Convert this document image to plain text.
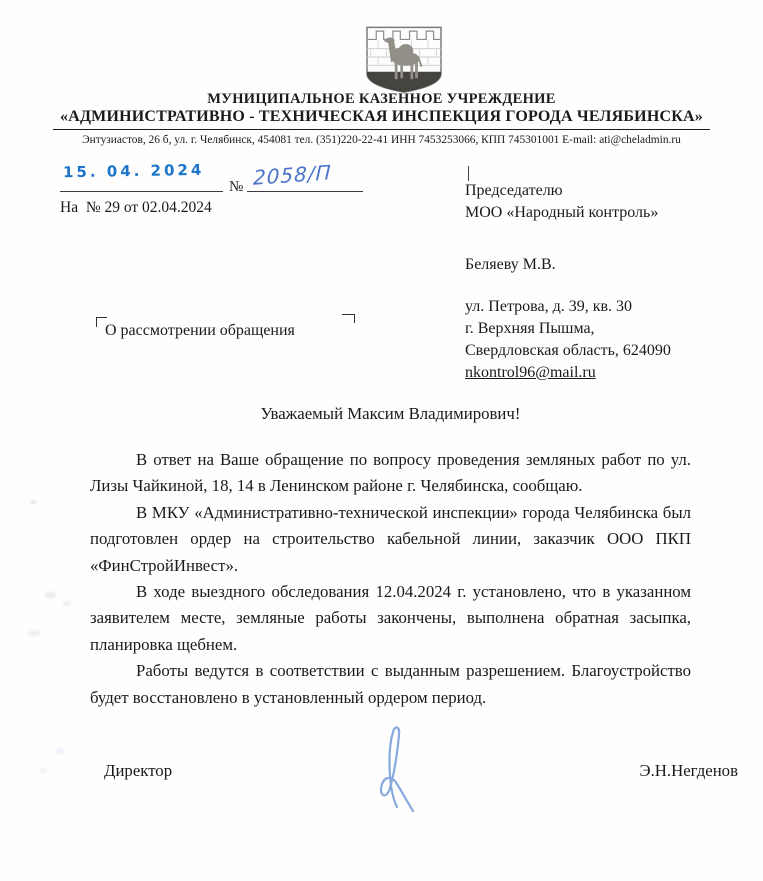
МУНИЦИПАЛЬНОЕ КАЗЕННОЕ УЧРЕЖДЕНИЕ
«АДМИНИСТРАТИВНО - ТЕХНИЧЕСКАЯ ИНСПЕКЦИЯ ГОРОДА ЧЕЛЯБИНСКА»
Энтузиастов, 26 б, ул. г. Челябинск, 454081 тел. (351)220-22-41 ИНН 7453253066, КПП 745301001 E-mail: ati@cheladmin.ru
15. 04. 2024
№ 2058/П
На  № 29 от 02.04.2024
Председателю
МОО «Народный контроль»
Беляеву М.В.
ул. Петрова, д. 39, кв. 30
г. Верхняя Пышма,
Свердловская область, 624090
nkontrol96@mail.ru
О рассмотрении обращения
Уважаемый Максим Владимирович!

В ответ на Ваше обращение по вопросу проведения земляных работ по ул. Лизы Чайкиной, 18, 14 в Ленинском районе г. Челябинска, сообщаю.

В МКУ «Административно-технической инспекции» города Челябинска был подготовлен ордер на строительство кабельной линии, заказчик ООО ПКП «ФинСтройИнвест».

В ходе выездного обследования 12.04.2024 г. установлено, что в указанном заявителем месте, земляные работы закончены, выполнена обратная засыпка, планировка щебнем.

Работы ведутся в соответствии с выданным разрешением. Благоустройство будет восстановлено в установленный ордером период.

Директор	Э.Н.Негденов
